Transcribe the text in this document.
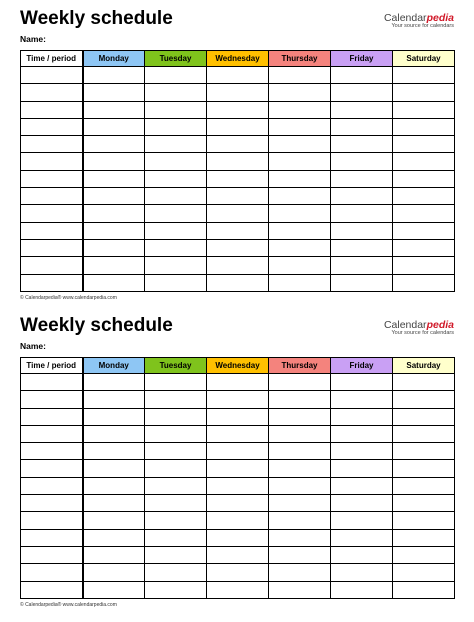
Weekly schedule	Calendarpedia
Your source for calendars
Name:
Time / period	Monday	Tuesday	Wednesday	Thursday	Friday	Saturday

© Calendarpedia® www.calendarpedia.com
Weekly schedule	Calendarpedia
Your source for calendars
Name:
Time / period	Monday	Tuesday	Wednesday	Thursday	Friday	Saturday

© Calendarpedia® www.calendarpedia.com
